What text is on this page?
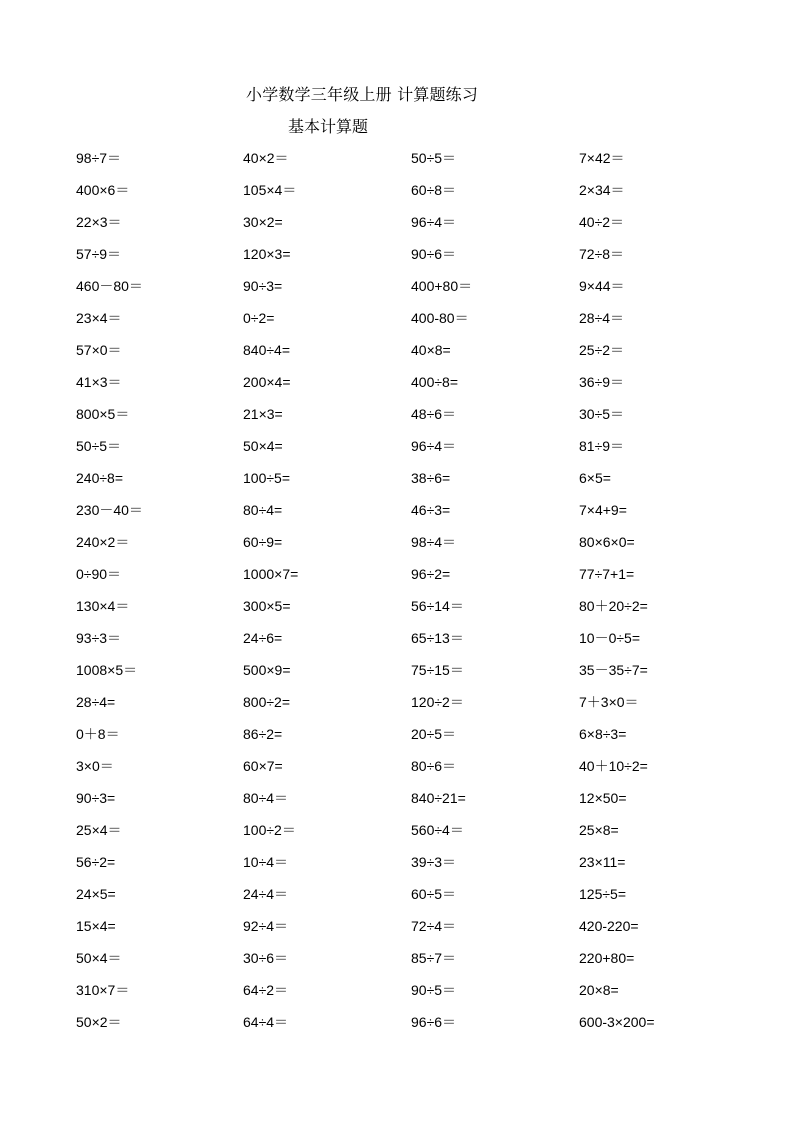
小学数学三年级上册 计算题练习
基本计算题
98÷7＝	40×2＝	50÷5＝	7×42＝
400×6＝	105×4＝	60÷8＝	2×34＝
22×3＝	30×2=	96÷4＝	40÷2＝
57÷9＝	120×3=	90÷6＝	72÷8＝
460－80＝	90÷3=	400+80＝	9×44＝
23×4＝	0÷2=	400-80＝	28÷4＝
57×0＝	840÷4=	40×8=	25÷2＝
41×3＝	200×4=	400÷8=	36÷9＝
800×5＝	21×3=	48÷6＝	30÷5＝
50÷5＝	50×4=	96÷4＝	81÷9＝
240÷8=	100÷5=	38÷6=	6×5=
230－40＝	80÷4=	46÷3=	7×4+9=
240×2＝	60÷9=	98÷4＝	80×6×0=
0÷90＝	1000×7=	96÷2=	77÷7+1=
130×4＝	300×5=	56÷14＝	80＋20÷2=
93÷3＝	24÷6=	65÷13＝	10－0÷5=
1008×5＝	500×9=	75÷15＝	35－35÷7=
28÷4=	800÷2=	120÷2＝	7＋3×0＝
0＋8＝	86÷2=	20÷5＝	6×8÷3=
3×0＝	60×7=	80÷6＝	40＋10÷2=
90÷3=	80÷4＝	840÷21=	12×50=
25×4＝	100÷2＝	560÷4＝	25×8=
56÷2=	10÷4＝	39÷3＝	23×11=
24×5=	24÷4＝	60÷5＝	125÷5=
15×4=	92÷4＝	72÷4＝	420-220=
50×4＝	30÷6＝	85÷7＝	220+80=
310×7＝	64÷2＝	90÷5＝	20×8=
50×2＝	64÷4＝	96÷6＝	600-3×200=
